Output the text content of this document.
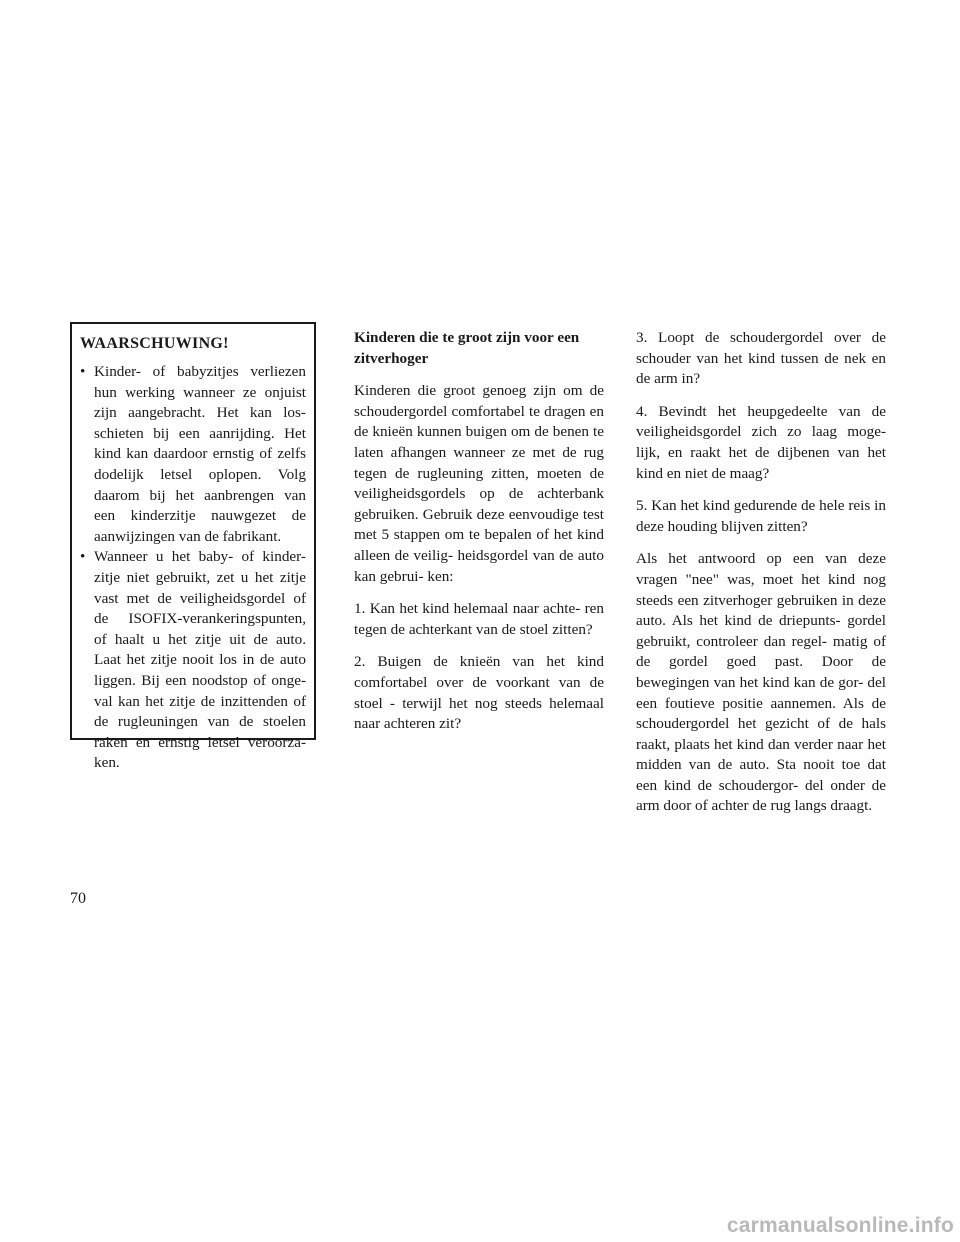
WAARSCHUWING!
• Kinder- of babyzitjes verliezen hun werking wanneer ze onjuist zijn aangebracht. Het kan los- schieten bij een aanrijding. Het kind kan daardoor ernstig of zelfs dodelijk letsel oplopen. Volg daarom bij het aanbrengen van een kinderzitje nauwgezet de aanwijzingen van de fabrikant.
• Wanneer u het baby- of kinder- zitje niet gebruikt, zet u het zitje vast met de veiligheidsgordel of de ISOFIX-verankeringspunten, of haalt u het zitje uit de auto. Laat het zitje nooit los in de auto liggen. Bij een noodstop of onge- val kan het zitje de inzittenden of de rugleuningen van de stoelen raken en ernstig letsel veroorza- ken.

Kinderen die te groot zijn voor een zitverhoger

Kinderen die groot genoeg zijn om de schoudergordel comfortabel te dragen en de knieën kunnen buigen om de benen te laten afhangen wanneer ze met de rug tegen de rugleuning zitten, moeten de veiligheidsgordels op de achterbank gebruiken. Gebruik deze eenvoudige test met 5 stappen om te bepalen of het kind alleen de veilig- heidsgordel van de auto kan gebrui- ken:

1. Kan het kind helemaal naar achte- ren tegen de achterkant van de stoel zitten?

2. Buigen de knieën van het kind comfortabel over de voorkant van de stoel - terwijl het nog steeds helemaal naar achteren zit?

3. Loopt de schoudergordel over de schouder van het kind tussen de nek en de arm in?

4. Bevindt het heupgedeelte van de veiligheidsgordel zich zo laag moge- lijk, en raakt het de dijbenen van het kind en niet de maag?

5. Kan het kind gedurende de hele reis in deze houding blijven zitten?

Als het antwoord op een van deze vragen "nee" was, moet het kind nog steeds een zitverhoger gebruiken in deze auto. Als het kind de driepunts- gordel gebruikt, controleer dan regel- matig of de gordel goed past. Door de bewegingen van het kind kan de gor- del een foutieve positie aannemen. Als de schoudergordel het gezicht of de hals raakt, plaats het kind dan verder naar het midden van de auto. Sta nooit toe dat een kind de schoudergor- del onder de arm door of achter de rug langs draagt.

70
carmanualsonline.info
